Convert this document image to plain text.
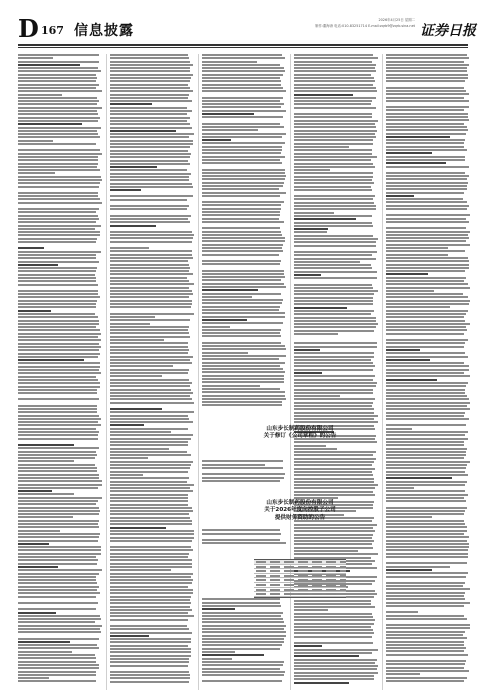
D 167 信息披露
2026年4月25日 星期二
制作:董海涛 电话:010-83251714 E-mail:zqrb9@zqrb.sina.net 证券日报
山东步长制药股份有限公司
关于修订《公司章程》的公告
山东步长制药股份有限公司
关于2026年度向控股子公司
提供财务资助的公告
